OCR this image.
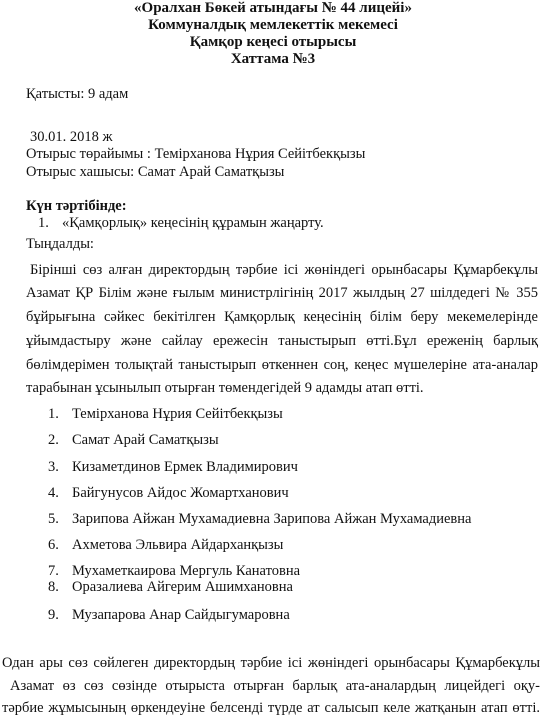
«Оралхан Бөкей атындағы № 44 лицейі»
Коммуналдық мемлекеттік мекемесі
Қамқор кеңесі отырысы
Хаттама №3
Қатысты: 9 адам
30.01. 2018 ж
Отырыс төрайымы : Темірханова Нұрия Сейітбекқызы
Отырыс хашысы: Самат Арай Саматқызы
Күн тәртібінде:
1. «Қамқорлық» кеңесінің құрамын жаңарту.
Тыңдалды:
Бірінші сөз алған директордың тәрбие ісі жөніндегі орынбасары Құмарбекұлы
Азамат ҚР Білім және ғылым министрлігінің 2017 жылдың 27 шілдедегі № 355
бұйрығына сәйкес бекітілген Қамқорлық кеңесінің білім беру мекемелерінде
ұйымдастыру және сайлау ережесін таныстырып өтті.Бұл ереженің барлық
бөлімдерімен толықтай таныстырып өткеннен соң, кеңес мүшелеріне ата-аналар
тарабынан ұсынылып отырған төмендегідей 9 адамды атап өтті.
1. Темірханова Нұрия Сейітбекқызы
2. Самат Арай Саматқызы
3. Кизаметдинов Ермек Владимирович
4. Байгунусов Айдос Жомартханович
5. Зарипова Айжан Мухамадиевна Зарипова Айжан Мухамадиевна
6. Ахметова Эльвира Айдарханқызы
7. Мухаметкаирова Мергуль Канатовна
8. Оразалиева Айгерим Ашимхановна
9. Музапарова Анар Сайдыгумаровна
Одан ары сөз сөйлеген директордың тәрбие ісі жөніндегі орынбасары Құмарбекұлы
Азамат өз сөз сөзінде отырыста отырған барлық ата-аналардың лицейдегі оқу-
тәрбие жұмысының өркендеуіне белсенді түрде ат салысып келе жатқанын атап өтті.
